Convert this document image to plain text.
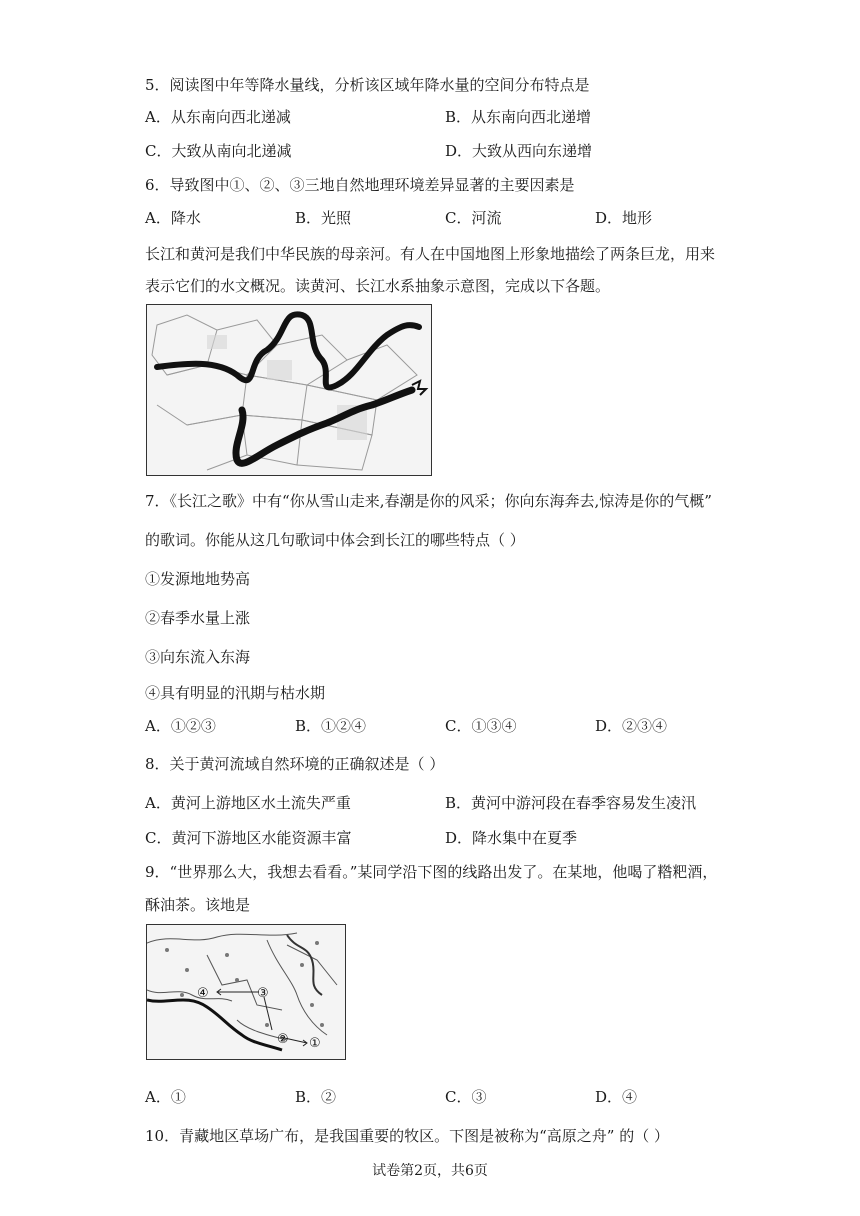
5．阅读图中年等降水量线，分析该区域年降水量的空间分布特点是
A．从东南向西北递减	B．从东南向西北递增
C．大致从南向北递减	D．大致从西向东递增
6．导致图中①、②、③三地自然地理环境差异显著的主要因素是
A．降水	B．光照	C．河流	D．地形
长江和黄河是我们中华民族的母亲河。有人在中国地图上形象地描绘了两条巨龙，用来
表示它们的水文概况。读黄河、长江水系抽象示意图，完成以下各题。
7．《长江之歌》中有“你从雪山走来,春潮是你的风采；你向东海奔去,惊涛是你的气概”
的歌词。你能从这几句歌词中体会到长江的哪些特点（ ）
①发源地地势高
②春季水量上涨
③向东流入东海
④具有明显的汛期与枯水期
A．①②③	B．①②④	C．①③④	D．②③④
8．关于黄河流域自然环境的正确叙述是（ ）
A．黄河上游地区水土流失严重	B．黄河中游河段在春季容易发生凌汛
C．黄河下游地区水能资源丰富	D．降水集中在夏季
9．“世界那么大，我想去看看。”某同学沿下图的线路出发了。在某地，他喝了糌粑酒，
酥油茶。该地是
④	③
② ①
A．①	B．②	C．③	D．④
10．青藏地区草场广布，是我国重要的牧区。下图是被称为“高原之舟” 的（ ）
试卷第2页，共6页
